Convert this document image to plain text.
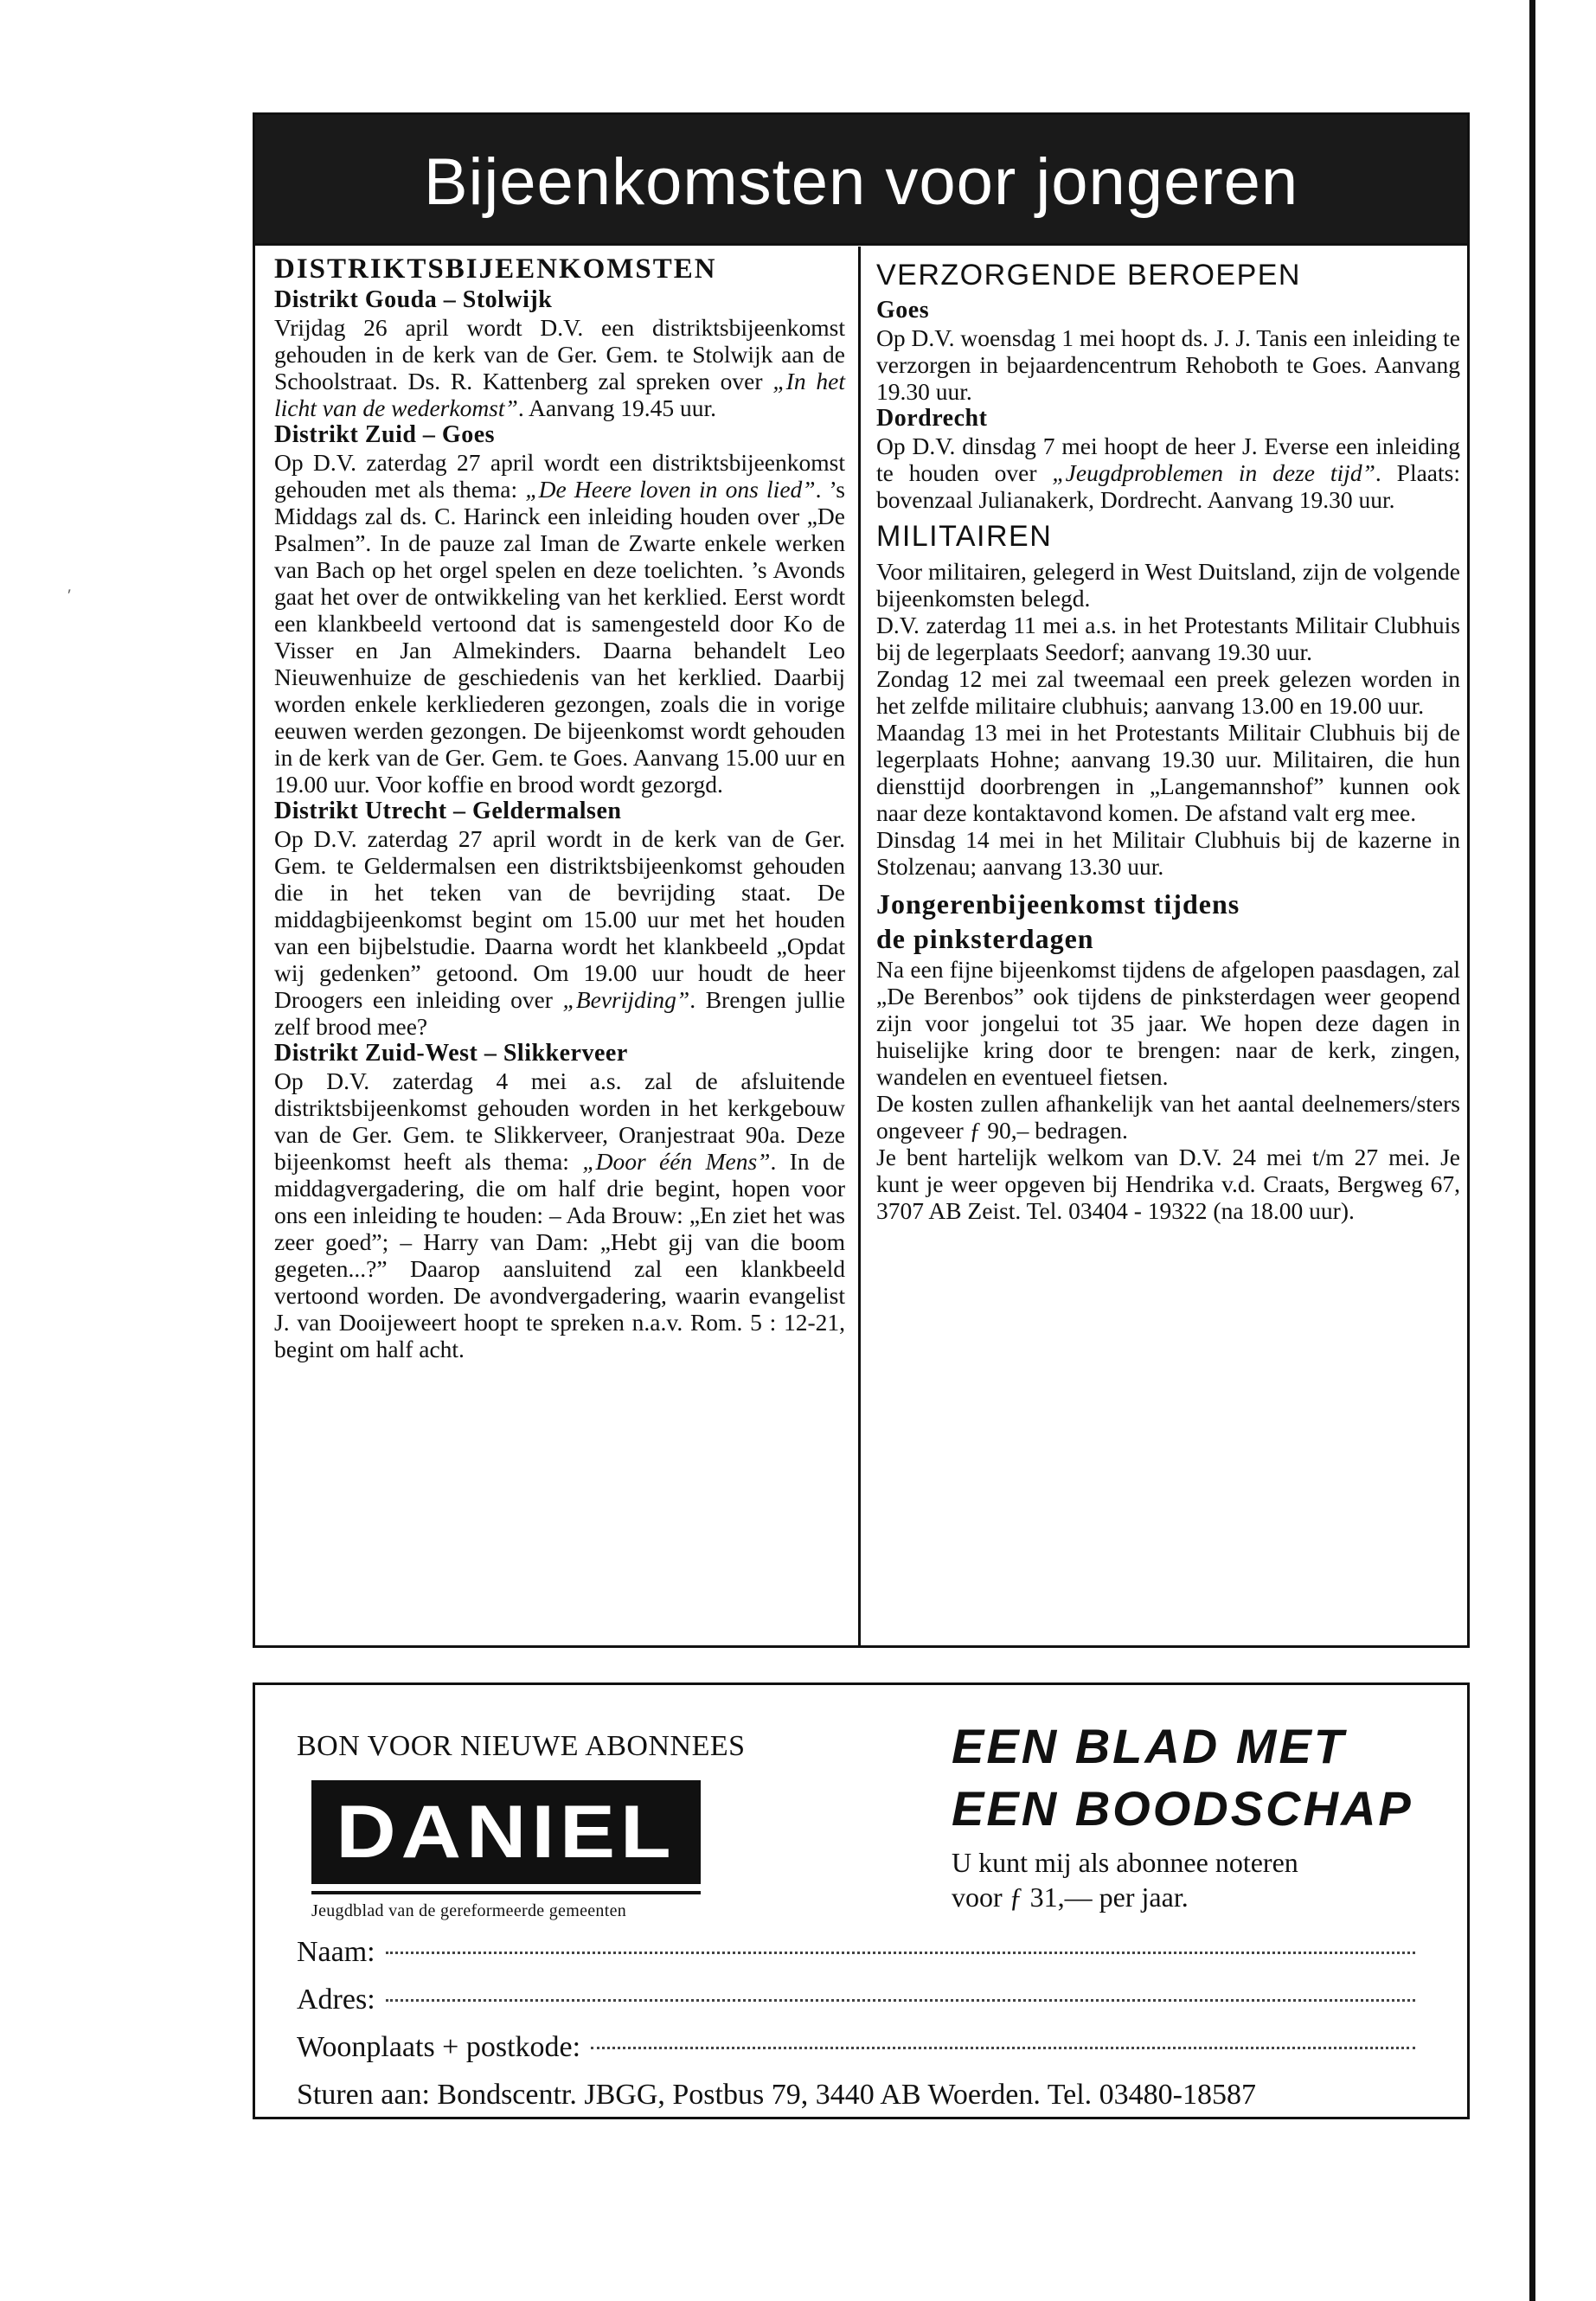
⸴
Bijeenkomsten voor jongeren
DISTRIKTSBIJEENKOMSTEN
Distrikt Gouda – Stolwijk

Vrijdag 26 april wordt D.V. een distriktsbijeenkomst gehouden in de kerk van de Ger. Gem. te Stolwijk aan de Schoolstraat. Ds. R. Kattenberg zal spreken over „In het licht van de wederkomst”. Aanvang 19.45 uur.

Distrikt Zuid – Goes

Op D.V. zaterdag 27 april wordt een distriktsbijeenkomst gehouden met als thema: „De Heere loven in ons lied”. ’s Middags zal ds. C. Harinck een inleiding houden over „De Psalmen”. In de pauze zal Iman de Zwarte enkele werken van Bach op het orgel spelen en deze toelichten. ’s Avonds gaat het over de ontwikkeling van het kerklied. Eerst wordt een klankbeeld vertoond dat is samengesteld door Ko de Visser en Jan Almekinders. Daarna behandelt Leo Nieuwenhuize de geschiedenis van het kerklied. Daarbij worden enkele kerkliederen gezongen, zoals die in vorige eeuwen werden gezongen. De bijeenkomst wordt gehouden in de kerk van de Ger. Gem. te Goes. Aanvang 15.00 uur en 19.00 uur. Voor koffie en brood wordt gezorgd.

Distrikt Utrecht – Geldermalsen

Op D.V. zaterdag 27 april wordt in de kerk van de Ger. Gem. te Geldermalsen een distriktsbijeenkomst gehouden die in het teken van de bevrijding staat. De middagbijeenkomst begint om 15.00 uur met het houden van een bijbelstudie. Daarna wordt het klankbeeld „Opdat wij gedenken” getoond. Om 19.00 uur houdt de heer Droogers een inleiding over „Bevrijding”. Brengen jullie zelf brood mee?

Distrikt Zuid-West – Slikkerveer

Op D.V. zaterdag 4 mei a.s. zal de afsluitende distriktsbijeenkomst gehouden worden in het kerkgebouw van de Ger. Gem. te Slikkerveer, Oranjestraat 90a. Deze bijeenkomst heeft als thema: „Door één Mens”. In de middagvergadering, die om half drie begint, hopen voor ons een inleiding te houden: – Ada Brouw: „En ziet het was zeer goed”; – Harry van Dam: „Hebt gij van die boom gegeten...?” Daarop aansluitend zal een klankbeeld vertoond worden. De avondvergadering, waarin evangelist J. van Dooijeweert hoopt te spreken n.a.v. Rom. 5 : 12-21, begint om half acht.

VERZORGENDE BEROEPEN
Goes

Op D.V. woensdag 1 mei hoopt ds. J. J. Tanis een inleiding te verzorgen in bejaardencentrum Rehoboth te Goes. Aanvang 19.30 uur.

Dordrecht

Op D.V. dinsdag 7 mei hoopt de heer J. Everse een inleiding te houden over „Jeugdproblemen in deze tijd”. Plaats: bovenzaal Julianakerk, Dordrecht. Aanvang 19.30 uur.

MILITAIREN

Voor militairen, gelegerd in West Duitsland, zijn de volgende bijeenkomsten belegd.

D.V. zaterdag 11 mei a.s. in het Protestants Militair Clubhuis bij de legerplaats Seedorf; aanvang 19.30 uur.

Zondag 12 mei zal tweemaal een preek gelezen worden in het zelfde militaire clubhuis; aanvang 13.00 en 19.00 uur.

Maandag 13 mei in het Protestants Militair Clubhuis bij de legerplaats Hohne; aanvang 19.30 uur. Militairen, die hun diensttijd doorbrengen in „Langemannshof” kunnen ook naar deze kontaktavond komen. De afstand valt erg mee.

Dinsdag 14 mei in het Militair Clubhuis bij de kazerne in Stolzenau; aanvang 13.30 uur.

Jongerenbijeenkomst tijdens
de pinksterdagen

Na een fijne bijeenkomst tijdens de afgelopen paasdagen, zal „De Berenbos” ook tijdens de pinksterdagen weer geopend zijn voor jongelui tot 35 jaar. We hopen deze dagen in huiselijke kring door te brengen: naar de kerk, zingen, wandelen en eventueel fietsen.

De kosten zullen afhankelijk van het aantal deelnemers/sters ongeveer ƒ 90,– bedragen.

Je bent hartelijk welkom van D.V. 24 mei t/m 27 mei. Je kunt je weer opgeven bij Hendrika v.d. Craats, Bergweg 67, 3707 AB Zeist. Tel. 03404 - 19322 (na 18.00 uur).

BON VOOR NIEUWE ABONNEES
DANIEL
Jeugdblad van de gereformeerde gemeenten
EEN BLAD MET
EEN BOODSCHAP
U kunt mij als abonnee noteren
voor ƒ 31,— per jaar.
Naam:
Adres:
Woonplaats + postkode:
Sturen aan: Bondscentr. JBGG, Postbus 79, 3440 AB Woerden. Tel. 03480-18587
